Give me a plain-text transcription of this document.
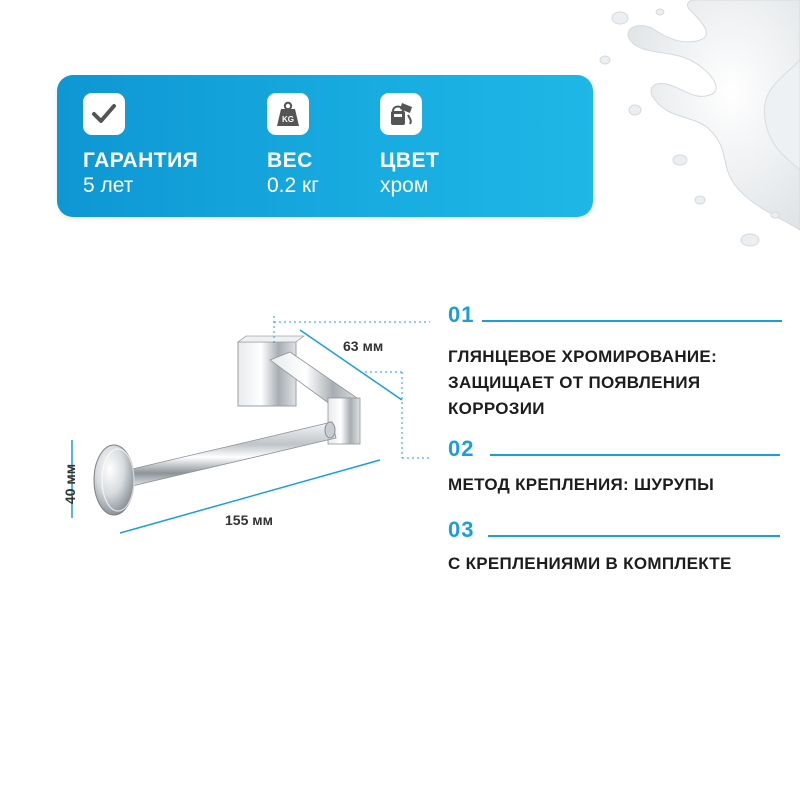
ГАРАНТИЯ
5 лет
KG
ВЕС
0.2 кг
ЦВЕТ
хром
63 мм
155 мм
40 мм
01
ГЛЯНЦЕВОЕ ХРОМИРОВАНИЕ: ЗАЩИЩАЕТ ОТ ПОЯВЛЕНИЯ КОРРОЗИИ
02
МЕТОД КРЕПЛЕНИЯ: ШУРУПЫ
03
С КРЕПЛЕНИЯМИ В КОМПЛЕКТЕ
